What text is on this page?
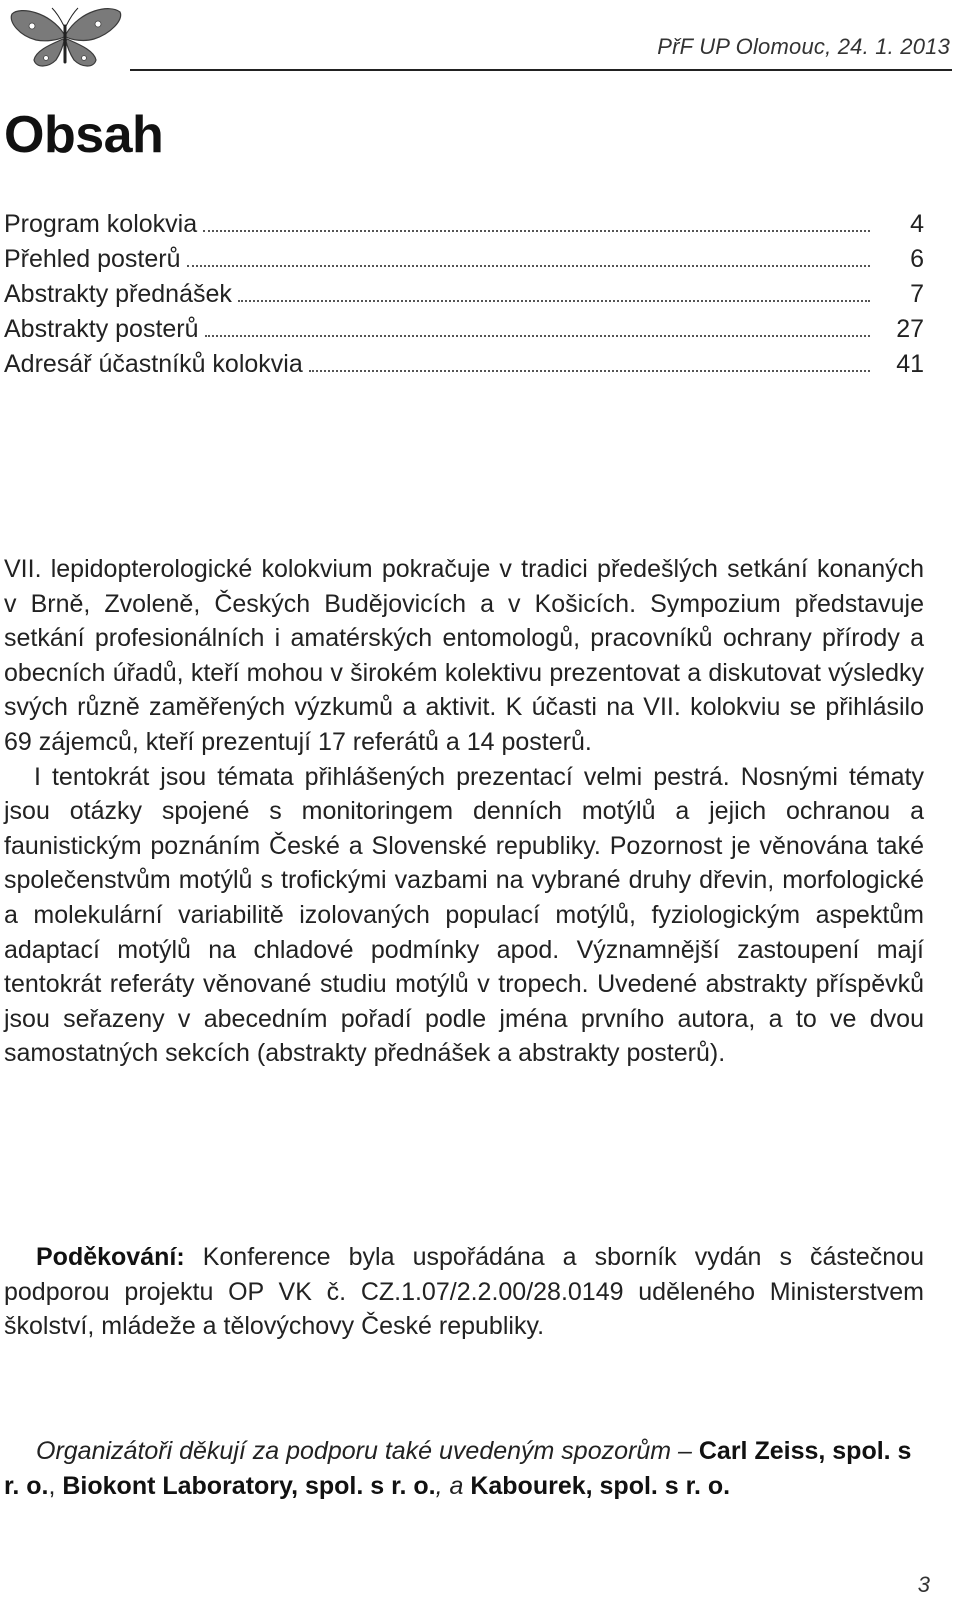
PřF UP Olomouc, 24. 1. 2013
Obsah
Program kolokvia	4
Přehled posterů	6
Abstrakty přednášek	7
Abstrakty posterů	27
Adresář účastníků kolokvia	41

VII. lepidopterologické kolokvium pokračuje v tradici předešlých setkání konaných v Brně, Zvoleně, Českých Budějovicích a v Košicích. Sympozium představuje setkání profesionálních i amatérských entomologů, pracovníků ochrany přírody a obecních úřadů, kteří mohou v širokém kolektivu prezentovat a diskutovat výsledky svých různě zaměřených výzkumů a aktivit. K účasti na VII. kolokviu se přihlásilo 69 zájemců, kteří prezentují 17 referátů a 14 posterů.

I tentokrát jsou témata přihlášených prezentací velmi pestrá. Nosnými tématy jsou otázky spojené s monitoringem denních motýlů a jejich ochranou a faunistickým poznáním České a Slovenské republiky. Pozornost je věnována také společenstvům motýlů s trofickými vazbami na vybrané druhy dřevin, morfologické a molekulární variabilitě izolovaných populací motýlů, fyziologickým aspektům adaptací motýlů na chladové podmínky apod. Významnější zastoupení mají tentokrát referáty věnované studiu motýlů v tropech. Uvedené abstrakty příspěvků jsou seřazeny v abecedním pořadí podle jména prvního autora, a to ve dvou samostatných sekcích (abstrakty přednášek a abstrakty posterů).

Poděkování: Konference byla uspořádána a sborník vydán s částečnou podporou projektu OP VK č. CZ.1.07/2.2.00/28.0149 uděleného Ministerstvem školství, mládeže a tělovýchovy České republiky.

Organizátoři děkují za podporu také uvedeným spozorům – Carl Zeiss, spol. s r. o., Biokont Laboratory, spol. s r. o., a Kabourek, spol. s r. o.

3
